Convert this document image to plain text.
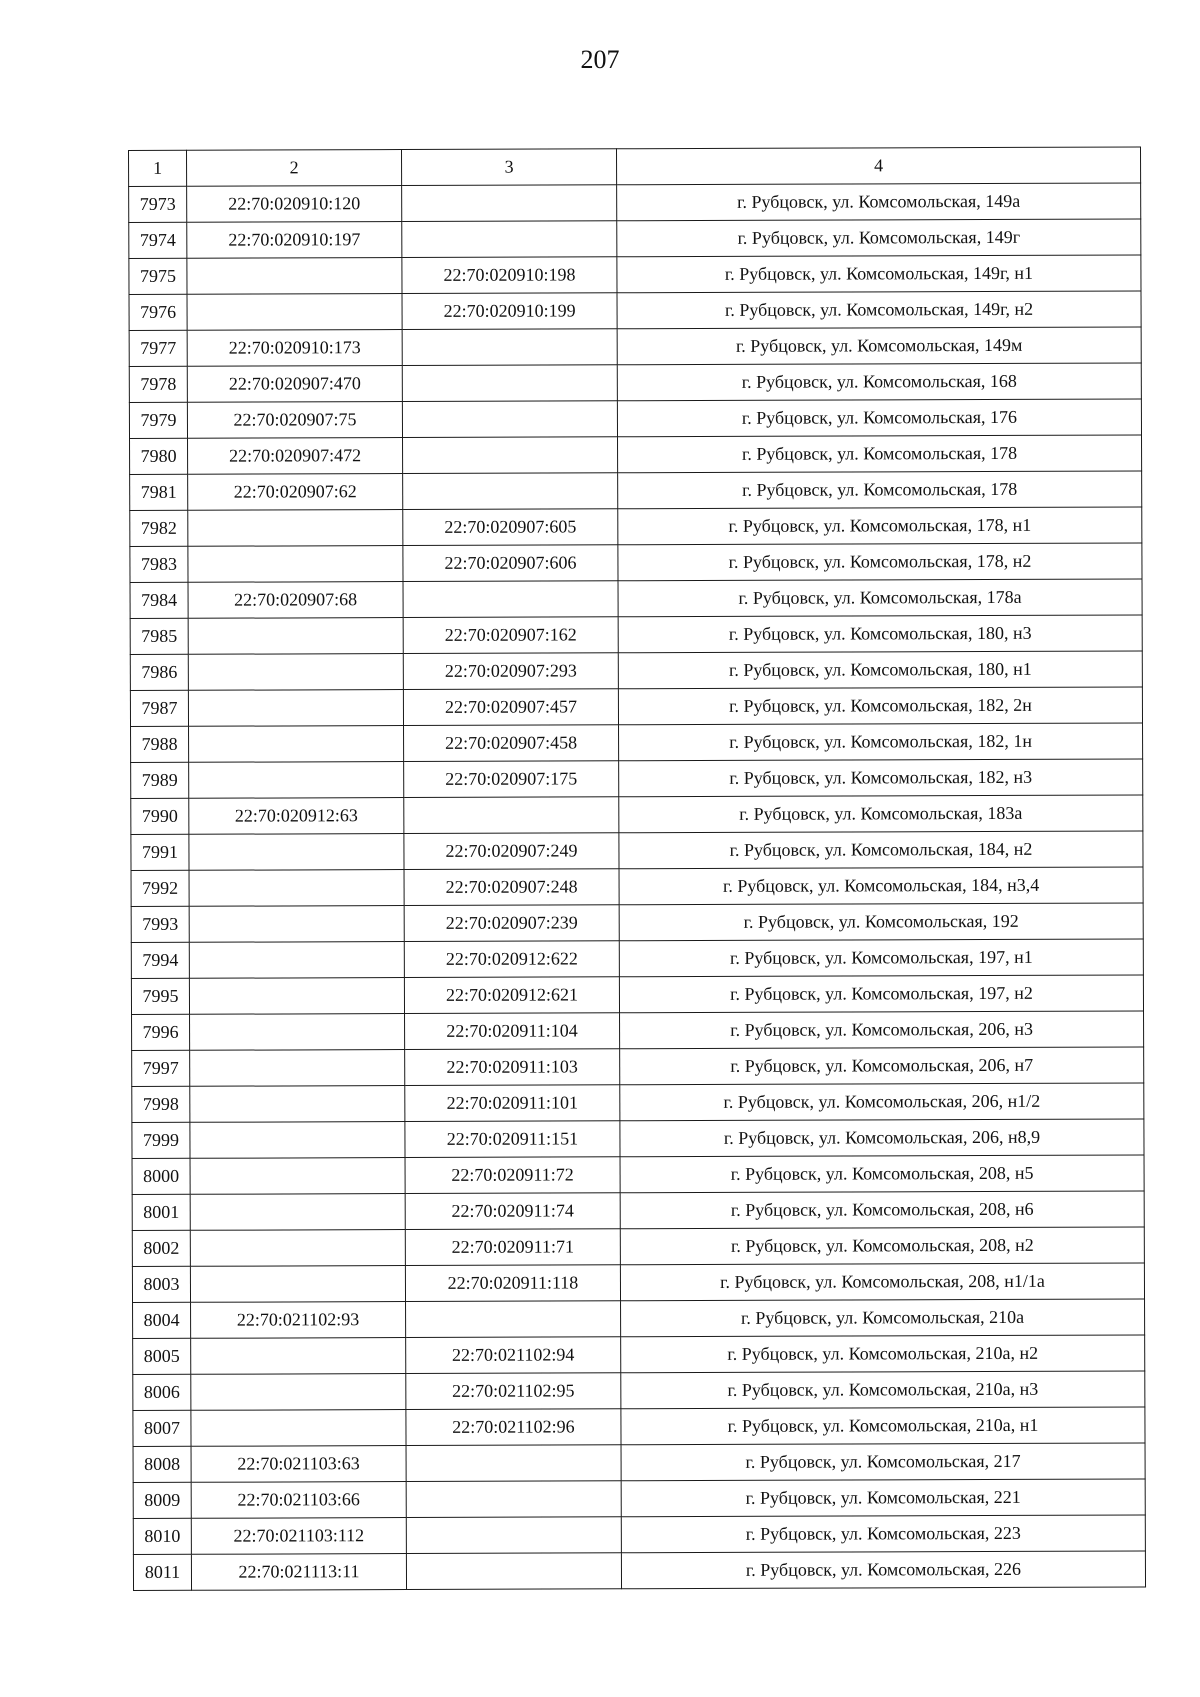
207
1	2	3	4
7973	22:70:020910:120		г. Рубцовск, ул. Комсомольская, 149а
7974	22:70:020910:197		г. Рубцовск, ул. Комсомольская, 149г
7975		22:70:020910:198	г. Рубцовск, ул. Комсомольская, 149г, н1
7976		22:70:020910:199	г. Рубцовск, ул. Комсомольская, 149г, н2
7977	22:70:020910:173		г. Рубцовск, ул. Комсомольская, 149м
7978	22:70:020907:470		г. Рубцовск, ул. Комсомольская, 168
7979	22:70:020907:75		г. Рубцовск, ул. Комсомольская, 176
7980	22:70:020907:472		г. Рубцовск, ул. Комсомольская, 178
7981	22:70:020907:62		г. Рубцовск, ул. Комсомольская, 178
7982		22:70:020907:605	г. Рубцовск, ул. Комсомольская, 178, н1
7983		22:70:020907:606	г. Рубцовск, ул. Комсомольская, 178, н2
7984	22:70:020907:68		г. Рубцовск, ул. Комсомольская, 178а
7985		22:70:020907:162	г. Рубцовск, ул. Комсомольская, 180, н3
7986		22:70:020907:293	г. Рубцовск, ул. Комсомольская, 180, н1
7987		22:70:020907:457	г. Рубцовск, ул. Комсомольская, 182, 2н
7988		22:70:020907:458	г. Рубцовск, ул. Комсомольская, 182, 1н
7989		22:70:020907:175	г. Рубцовск, ул. Комсомольская, 182, н3
7990	22:70:020912:63		г. Рубцовск, ул. Комсомольская, 183а
7991		22:70:020907:249	г. Рубцовск, ул. Комсомольская, 184, н2
7992		22:70:020907:248	г. Рубцовск, ул. Комсомольская, 184, н3,4
7993		22:70:020907:239	г. Рубцовск, ул. Комсомольская, 192
7994		22:70:020912:622	г. Рубцовск, ул. Комсомольская, 197, н1
7995		22:70:020912:621	г. Рубцовск, ул. Комсомольская, 197, н2
7996		22:70:020911:104	г. Рубцовск, ул. Комсомольская, 206, н3
7997		22:70:020911:103	г. Рубцовск, ул. Комсомольская, 206, н7
7998		22:70:020911:101	г. Рубцовск, ул. Комсомольская, 206, н1/2
7999		22:70:020911:151	г. Рубцовск, ул. Комсомольская, 206, н8,9
8000		22:70:020911:72	г. Рубцовск, ул. Комсомольская, 208, н5
8001		22:70:020911:74	г. Рубцовск, ул. Комсомольская, 208, н6
8002		22:70:020911:71	г. Рубцовск, ул. Комсомольская, 208, н2
8003		22:70:020911:118	г. Рубцовск, ул. Комсомольская, 208, н1/1а
8004	22:70:021102:93		г. Рубцовск, ул. Комсомольская, 210а
8005		22:70:021102:94	г. Рубцовск, ул. Комсомольская, 210а, н2
8006		22:70:021102:95	г. Рубцовск, ул. Комсомольская, 210а, н3
8007		22:70:021102:96	г. Рубцовск, ул. Комсомольская, 210а, н1
8008	22:70:021103:63		г. Рубцовск, ул. Комсомольская, 217
8009	22:70:021103:66		г. Рубцовск, ул. Комсомольская, 221
8010	22:70:021103:112		г. Рубцовск, ул. Комсомольская, 223
8011	22:70:021113:11		г. Рубцовск, ул. Комсомольская, 226
